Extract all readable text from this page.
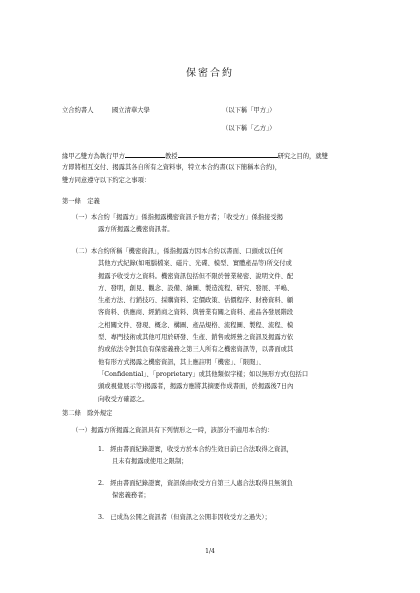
保密合約
立合約書人	國立清華大學	（以下稱「甲方」）
（以下稱「乙方」）
緣甲乙雙方為執行甲方	教授	研究之目的，就雙
方即將相互交付、揭露其各自所有之資料事，特立本合約書(以下簡稱本合約)，
雙方同意遵守以下約定之事項：
第一條　定義
（一）本合約「揭露方」係指揭露機密資訊予他方者；「收受方」係指接受揭
露方所揭露之機密資訊者。
（二）本合約所稱「機密資訊」，係指揭露方因本合約以書面、口頭或以任何
其他方式紀錄(如電腦檔案、磁片、光碟、模型、實體產品等)所交付或
揭露予收受方之資料。機密資訊包括但不限於營業秘密、說明文件、配
方、發明，創見、觀念、設備、繪圖、製造流程、研究、發展、平嶋、
生產方法、行銷技巧、採購資料、定價政策、估價程序、財務資料、顧
客資料、供應商、經銷商之資料、與營業有關之資料、產品各發展階段
之相關文件、發現、概念、構圖、產品規格、流程圖、製程、流程、模
型、專門技術或其他可用於研發、生產、銷售或經營之資訊及揭露方依
約或依法令對其負有保密義務之第三人所有之機密資訊等，以書面或其
他有形方式揭露之機密資訊，其上應註明「機密」、「限閱」、
「Confidential」、「proprietary」或其他類似字樣；如以無形方式(包括口
頭或視覺展示等)揭露者，揭露方應將其摘要作成書面，於揭露後7日內
向收受方確認之。
第二條　除外規定
（一）揭露方所揭露之資訊具有下列情形之一時，該部分不適用本合約：
1.　經由書面紀錄證實，收受方於本合約生效日前已合法取得之資訊，
且未有揭露或使用之限制；
2.　經由書面紀錄證實，資訊係由收受方自第三人處合法取得且無須負
保密義務者；
3.　已成為公開之資訊者（但資訊之公開非因收受方之過失）；
1/4
